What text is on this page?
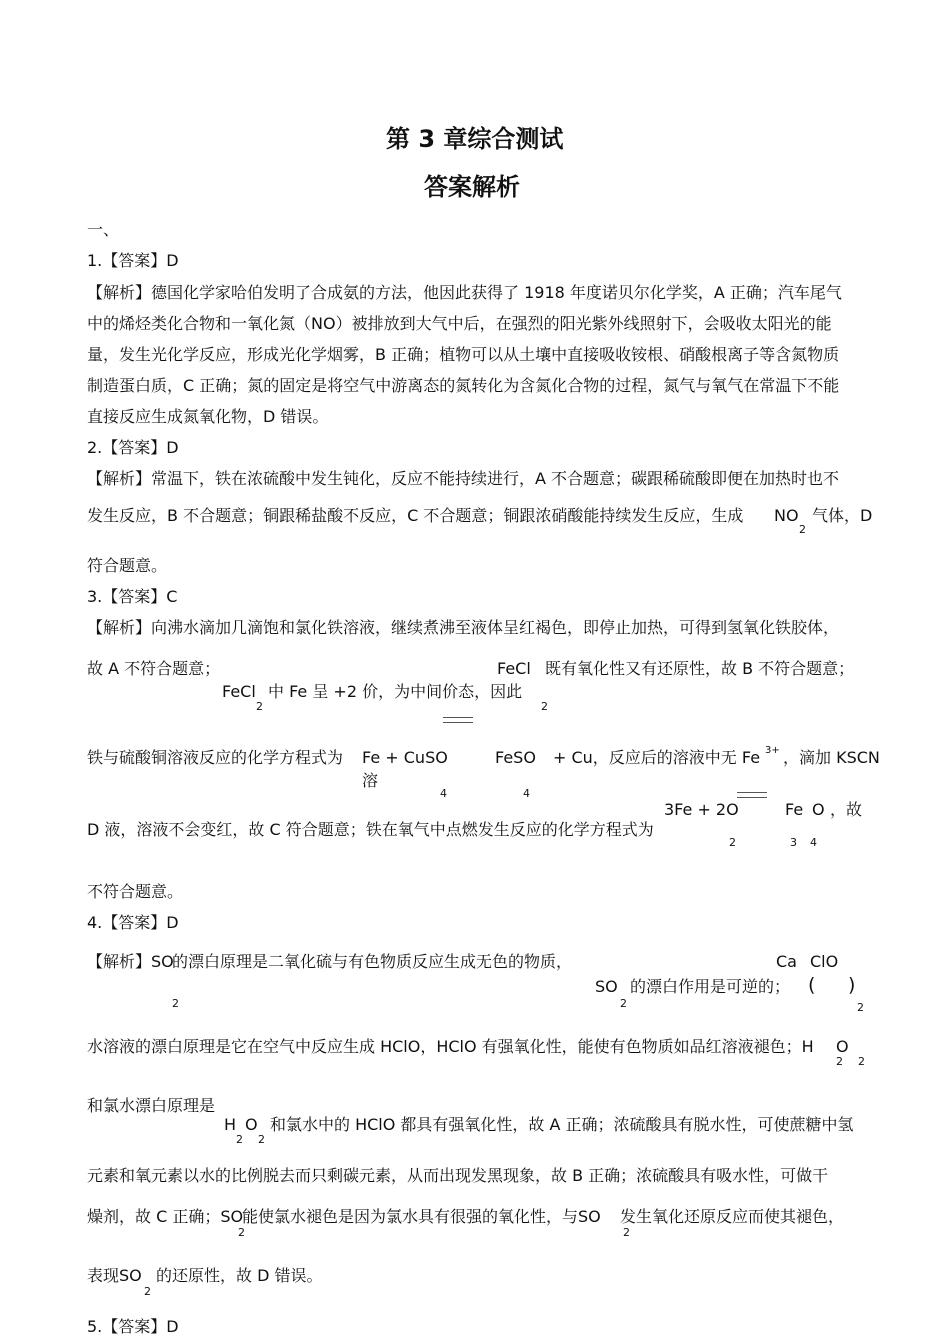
第 3 章综合测试
答案解析
一、
1.【答案】D
【解析】德国化学家哈伯发明了合成氨的方法，他因此获得了 1918 年度诺贝尔化学奖，A 正确；汽车尾气
中的烯烃类化合物和一氧化氮（NO）被排放到大气中后，在强烈的阳光紫外线照射下，会吸收太阳光的能
量，发生光化学反应，形成光化学烟雾，B 正确；植物可以从土壤中直接吸收铵根、硝酸根离子等含氮物质
制造蛋白质，C 正确；氮的固定是将空气中游离态的氮转化为含氮化合物的过程，氮气与氧气在常温下不能
直接反应生成氮氧化物，D 错误。
2.【答案】D
【解析】常温下，铁在浓硫酸中发生钝化，反应不能持续进行，A 不合题意；碳跟稀硫酸即便在加热时也不
发生反应，B 不合题意；铜跟稀盐酸不反应，C 不合题意；铜跟浓硝酸能持续发生反应，生成 NO
2
气体，D
符合题意。
3.【答案】C
【解析】向沸水滴加几滴饱和氯化铁溶液，继续煮沸至液体呈红褐色，即停止加热，可得到氢氧化铁胶体，
故 A 不符合题意；	FeCl 既有氧化性又有还原性，故 B 不符合题意；
FeCl 中 Fe 呈 +2 价，为中间价态，因此
2	2
铁与硫酸铜溶液反应的化学方程式为 Fe + CuSO	FeSO + Cu，反应后的溶液中无 Fe 3+ ，滴加 KSCN
溶
4	4
3Fe + 2O	Fe O ，故
D 液，溶液不会变红，故 C 符合题意；铁在氧气中点燃发生反应的化学方程式为
2	3 4
不符合题意。
4.【答案】D
Ca ClO
【解析】SO
的漂白原理是二氧化硫与有色物质反应生成无色的物质，
SO 的漂白作用是可逆的； ( )
2	2	2
水溶液的漂白原理是它在空气中反应生成 HClO，HClO 有强氧化性，能使有色物质如品红溶液褪色；H O
2 2
和氯水漂白原理是
H O 和氯水中的 HClO 都具有强氧化性，故 A 正确；浓硫酸具有脱水性，可使蔗糖中氢
2 2
元素和氧元素以水的比例脱去而只剩碳元素，从而出现发黑现象，故 B 正确；浓硫酸具有吸水性，可做干
燥剂，故 C 正确；SO
能使氯水褪色是因为氯水具有很强的氧化性，与SO 发生氧化还原反应而使其褪色，
2	2
表现SO 的还原性，故 D 错误。
2
5.【答案】D
